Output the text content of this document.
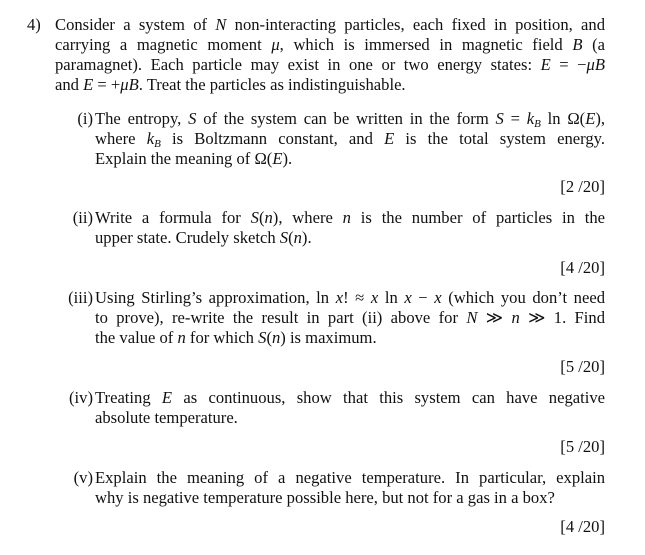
4) Consider a system of N non-interacting particles, each fixed in position, and
carrying a magnetic moment μ, which is immersed in magnetic field B (a
paramagnet). Each particle may exist in one or two energy states: E = −μB
and E = +μB. Treat the particles as indistinguishable.
(i) The entropy, S of the system can be written in the form $S = k_B$ ln Ω(E),
where $k_B$ is Boltzmann constant, and E is the total system energy.
Explain the meaning of Ω(E).
[2 /20]
(ii) Write a formula for S(n), where n is the number of particles in the
upper state. Crudely sketch S(n).
[4 /20]
(iii) Using Stirling’s approximation, ln x! ≈ x ln x − x (which you don’t need
to prove), re-write the result in part (ii) above for N ≫ n ≫ 1. Find
the value of n for which S(n) is maximum.
[5 /20]
(iv) Treating E as continuous, show that this system can have negative
absolute temperature.
[5 /20]
(v) Explain the meaning of a negative temperature. In particular, explain
why is negative temperature possible here, but not for a gas in a box?
[4 /20]
